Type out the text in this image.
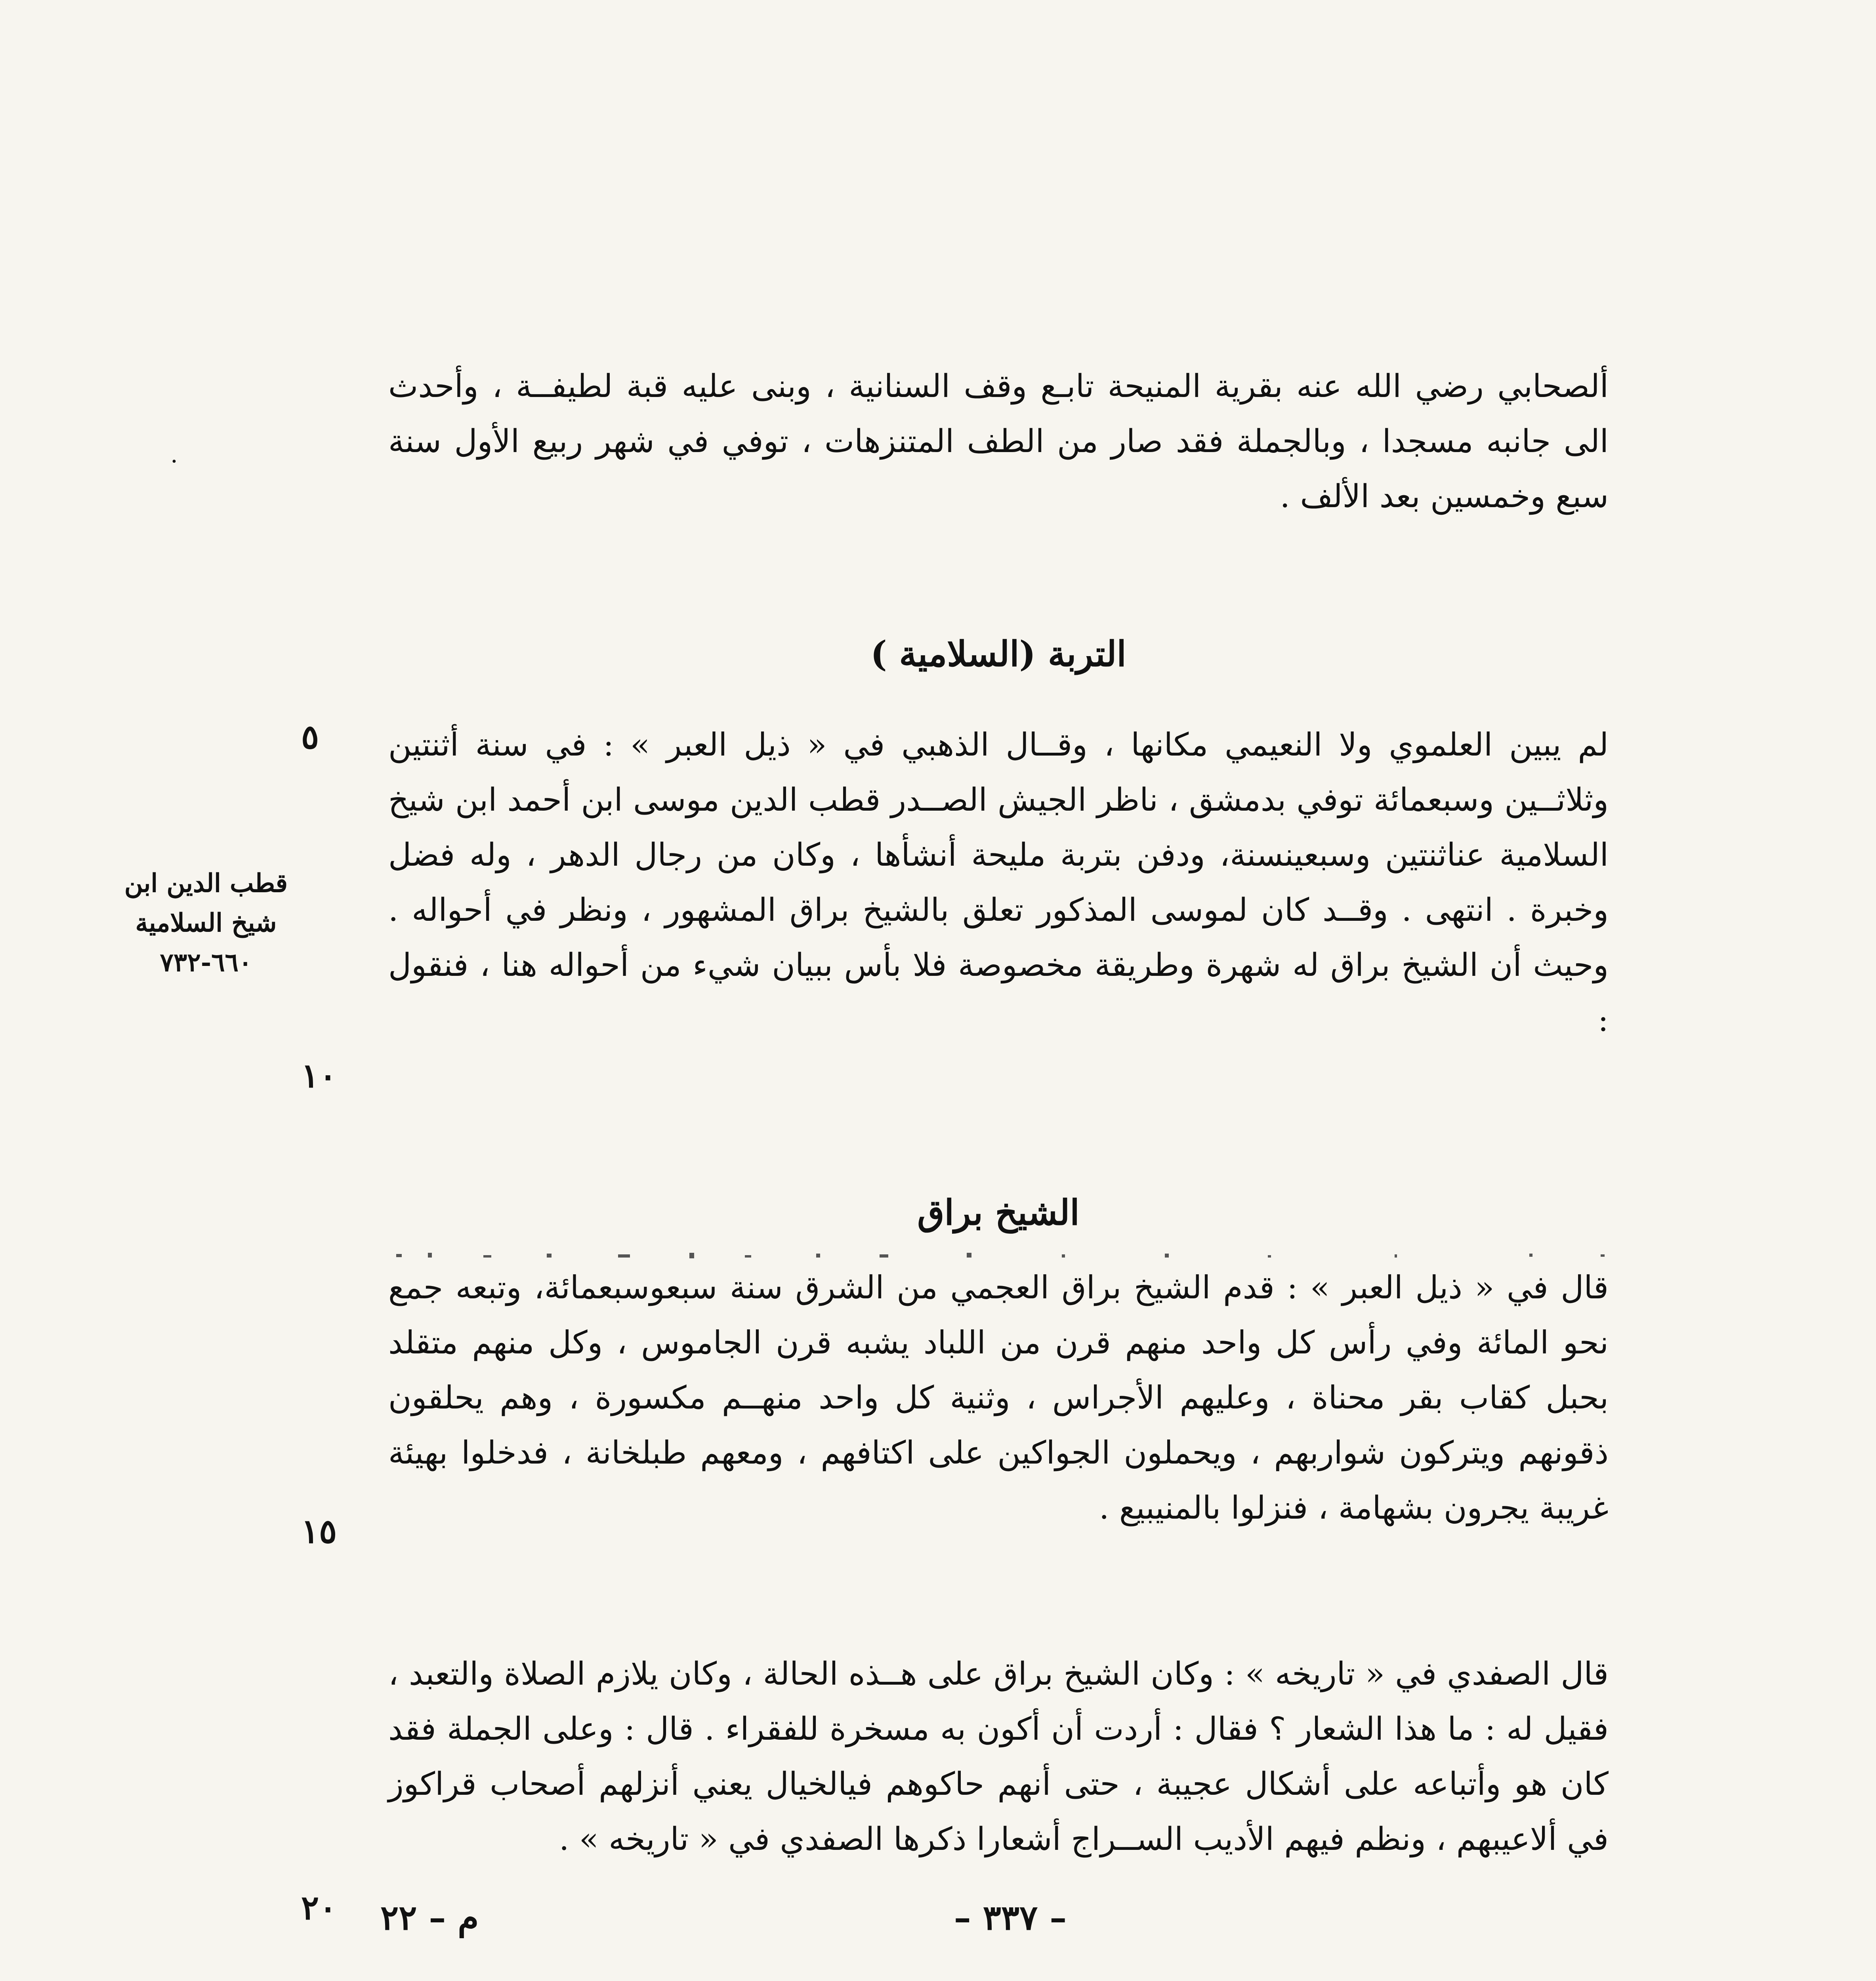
ألصحابي رضي الله عنه بقرية المنيحة تابـع وقف السنانية ، وبنى عليه قبة لطيفــة ، وأحدث الى جانبه مسجدا ، وبالجملة فقد صار من الطف المتنزهات ، توفي في شهر ربيع الأول سنة سبع وخمسين بعد الألف .

التربة (السلامية )

لم يبين العلموي ولا النعيمي مكانها ، وقــال الذهبي في « ذيل العبر » : في سنة أثنتين وثلاثــين وسبعمائة توفي بدمشق ، ناظر الجيش الصــدر قطب الدين موسى ابن أحمد ابن شيخ السلامية عناثنتين وسبعينسنة، ودفن بتربة مليحة أنشأها ، وكان من رجال الدهر ، وله فضل وخبرة . انتهى . وقــد كان لموسى المذكور تعلق بالشيخ براق المشهور ، ونظر في أحواله . وحيث أن الشيخ براق له شهرة وطريقة مخصوصة فلا بأس ببيان شيء من أحواله هنا ، فنقول :

الشيخ براق

قال في « ذيل العبر » : قدم الشيخ براق العجمي من الشرق سنة سبعوسبعمائة، وتبعه جمع نحو المائة وفي رأس كل واحد منهم قرن من اللباد يشبه قرن الجاموس ، وكل منهم متقلد بحبل كقاب بقر محناة ، وعليهم الأجراس ، وثنية كل واحد منهــم مكسورة ، وهم يحلقون ذقونهم ويتركون شواربهم ، ويحملون الجواكين على اكتافهم ، ومعهم طبلخانة ، فدخلوا بهيئة غريبة يجرون بشهامة ، فنزلوا بالمنيبيع .

قال الصفدي في « تاريخه » : وكان الشيخ براق على هــذه الحالة ، وكان يلازم الصلاة والتعبد ، فقيل له : ما هذا الشعار ؟ فقال : أردت أن أكون به مسخرة للفقراء . قال : وعلى الجملة فقد كان هو وأتباعه على أشكال عجيبة ، حتى أنهم حاكوهم فيالخيال يعني أنزلهم أصحاب قراكوز في ألاعيبهم ، ونظم فيهم الأديب الســراج أشعارا ذكرها الصفدي في « تاريخه » .

٥
١٠
١٥
٢٠
قطب الدين ابن
شيخ السلامية
٦٦٠-٧٣٢
– ٣٣٧ –
م – ٢٢
·
